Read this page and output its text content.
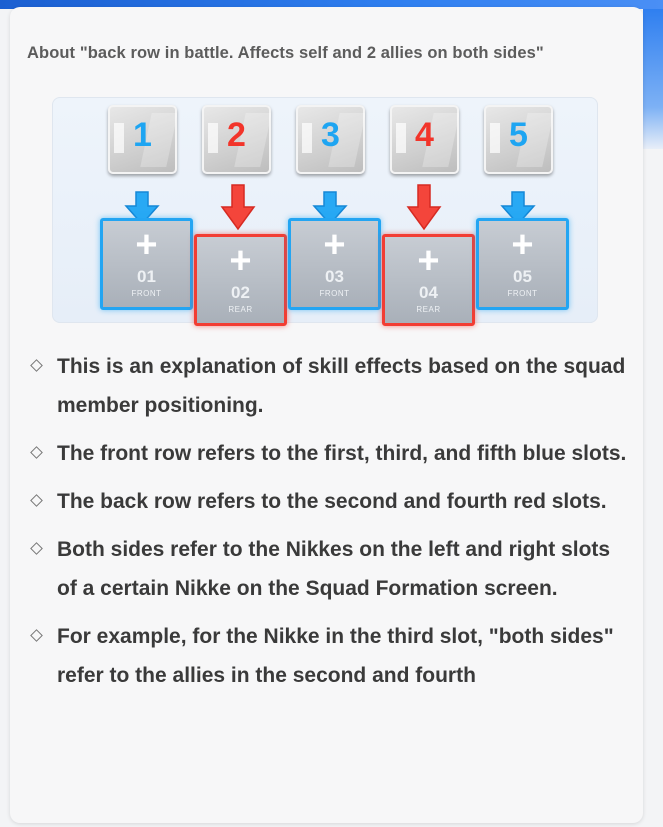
About "back row in battle. Affects self and 2 allies on both sides"
1	2	3	4	5
+
01
FRONT
+
02
REAR
+
03
FRONT
+
04
REAR
+
05
FRONT
This is an explanation of skill effects based on the squad member positioning.
The front row refers to the first, third, and fifth blue slots.
The back row refers to the second and fourth red slots.
Both sides refer to the Nikkes on the left and right slots of a certain Nikke on the Squad Formation screen.
For example, for the Nikke in the third slot, "both sides" refer to the allies in the second and fourth
